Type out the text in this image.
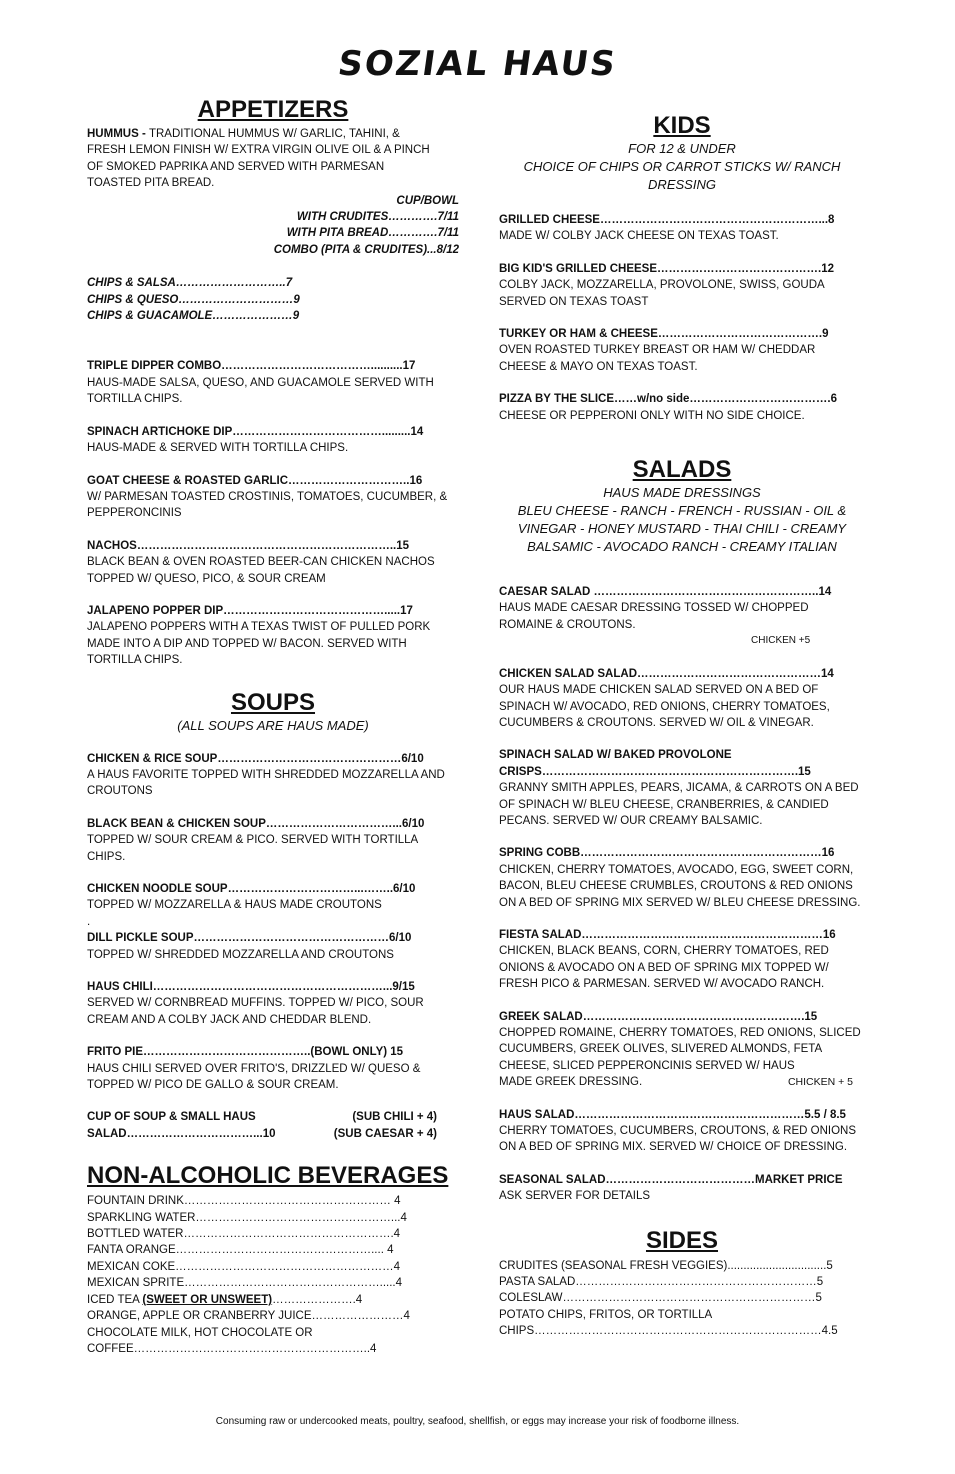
SOZIAL HAUS
APPETIZERS
HUMMUS - TRADITIONAL HUMMUS W/ GARLIC, TAHINI, &
FRESH LEMON FINISH W/ EXTRA VIRGIN OLIVE OIL & A PINCH
OF SMOKED PAPRIKA AND SERVED WITH PARMESAN
TOASTED PITA BREAD.
CUP/BOWL
WITH CRUDITES………….7/11
WITH PITA BREAD………….7/11
COMBO (PITA & CRUDITES)...8/12
CHIPS & SALSA………………………..7
CHIPS & QUESO…………………………9
CHIPS & GUACAMOLE…………………9
TRIPLE DIPPER COMBO…………………………………..........17
HAUS-MADE SALSA, QUESO, AND GUACAMOLE SERVED WITH TORTILLA CHIPS.
SPINACH ARTICHOKE DIP………………………………….........14
HAUS-MADE & SERVED WITH TORTILLA CHIPS.
GOAT CHEESE & ROASTED GARLIC…………………………..16
W/ PARMESAN TOASTED CROSTINIS, TOMATOES, CUCUMBER, & PEPPERONCINIS
NACHOS…………………………………………………………..15
BLACK BEAN & OVEN ROASTED BEER-CAN CHICKEN NACHOS TOPPED W/ QUESO, PICO, & SOUR CREAM
JALAPENO POPPER DIP…………………………………….....17
JALAPENO POPPERS WITH A TEXAS TWIST OF PULLED PORK MADE INTO A DIP AND TOPPED W/ BACON. SERVED WITH TORTILLA CHIPS.
SOUPS
(ALL SOUPS ARE HAUS MADE)
CHICKEN & RICE SOUP…………………………………………6/10
A HAUS FAVORITE TOPPED WITH SHREDDED MOZZARELLA AND CROUTONS
BLACK BEAN & CHICKEN SOUP……………………………...6/10
TOPPED W/ SOUR CREAM & PICO. SERVED WITH TORTILLA CHIPS.
CHICKEN NOODLE SOUP……………………………...……..6/10
TOPPED W/ MOZZARELLA & HAUS MADE CROUTONS
.
DILL PICKLE SOUP……………………………………………6/10
TOPPED W/ SHREDDED MOZZARELLA AND CROUTONS
HAUS CHILI……………………………………………………...9/15
SERVED W/ CORNBREAD MUFFINS. TOPPED W/ PICO, SOUR CREAM AND A COLBY JACK AND CHEDDAR BLEND.
FRITO PIE……………………………………..(BOWL ONLY) 15
HAUS CHILI SERVED OVER FRITO'S, DRIZZLED W/ QUESO & TOPPED W/ PICO DE GALLO & SOUR CREAM.
CUP OF SOUP & SMALL HAUS	(SUB CHILI + 4)
SALAD……………………………...10	(SUB CAESAR + 4)
NON-ALCOHOLIC BEVERAGES
FOUNTAIN DRINK……………………………………………… 4
SPARKLING WATER……………………………………………...4
BOTTLED WATER……………………………………………….4
FANTA ORANGE…………………………………………….... 4
MEXICAN COKE…………………………………………………4
MEXICAN SPRITE…………………………………………….....4
ICED TEA (SWEET OR UNSWEET)………………….4
ORANGE, APPLE OR CRANBERRY JUICE……………………4
CHOCOLATE MILK, HOT CHOCOLATE OR
COFFEE……………………………………………………..4
KIDS
FOR 12 & UNDER
CHOICE OF CHIPS OR CARROT STICKS W/ RANCH
DRESSING
GRILLED CHEESE…………………………………………………...8
MADE W/ COLBY JACK CHEESE ON TEXAS TOAST.
BIG KID'S GRILLED CHEESE…………………………………….12
COLBY JACK, MOZZARELLA, PROVOLONE, SWISS, GOUDA SERVED ON TEXAS TOAST
TURKEY OR HAM & CHEESE…………………………………….9
OVEN ROASTED TURKEY BREAST OR HAM W/ CHEDDAR CHEESE & MAYO ON TEXAS TOAST.
PIZZA BY THE SLICE……w/no side……………………………….6
CHEESE OR PEPPERONI ONLY WITH NO SIDE CHOICE.
SALADS
HAUS MADE DRESSINGS
BLEU CHEESE - RANCH - FRENCH - RUSSIAN - OIL &
VINEGAR - HONEY MUSTARD - THAI CHILI - CREAMY
BALSAMIC - AVOCADO RANCH - CREAMY ITALIAN
CAESAR SALAD …………………………………………………..14
HAUS MADE CAESAR DRESSING TOSSED W/ CHOPPED ROMAINE & CROUTONS.
CHICKEN +5
CHICKEN SALAD SALAD…………………………………………14
OUR HAUS MADE CHICKEN SALAD SERVED ON A BED OF SPINACH W/ AVOCADO, RED ONIONS, CHERRY TOMATOES, CUCUMBERS & CROUTONS. SERVED W/ OIL & VINEGAR.
SPINACH SALAD W/ BAKED PROVOLONE CRISPS………………………………………………………….15
GRANNY SMITH APPLES, PEARS, JICAMA, & CARROTS ON A BED OF SPINACH W/ BLEU CHEESE, CRANBERRIES, & CANDIED PECANS. SERVED W/ OUR CREAMY BALSAMIC.
SPRING COBB………………………………………………………16
CHICKEN, CHERRY TOMATOES, AVOCADO, EGG, SWEET CORN, BACON, BLEU CHEESE CRUMBLES, CROUTONS & RED ONIONS ON A BED OF SPRING MIX SERVED W/ BLEU CHEESE DRESSING.
FIESTA SALAD………………………………………………………16
CHICKEN, BLACK BEANS, CORN, CHERRY TOMATOES, RED ONIONS & AVOCADO ON A BED OF SPRING MIX TOPPED W/ FRESH PICO & PARMESAN. SERVED W/ AVOCADO RANCH.
GREEK SALAD………………………………………………….15
CHOPPED ROMAINE, CHERRY TOMATOES, RED ONIONS, SLICED CUCUMBERS, GREEK OLIVES, SLIVERED ALMONDS, FETA CHEESE, SLICED PEPPERONCINIS SERVED W/ HAUS
MADE GREEK DRESSING.	CHICKEN + 5
HAUS SALAD……………………………………………………5.5 / 8.5
CHERRY TOMATOES, CUCUMBERS, CROUTONS, & RED ONIONS ON A BED OF SPRING MIX. SERVED W/ CHOICE OF DRESSING.
SEASONAL SALAD…………………………………MARKET PRICE
ASK SERVER FOR DETAILS
SIDES
CRUDITES (SEASONAL FRESH VEGGIES)...............................5
PASTA SALAD………………………………………………………5
COLESLAW…………………………………………………………5
POTATO CHIPS, FRITOS, OR TORTILLA
CHIPS…………………………………………………………………4.5
Consuming raw or undercooked meats, poultry, seafood, shellfish, or eggs may increase your risk of foodborne illness.
